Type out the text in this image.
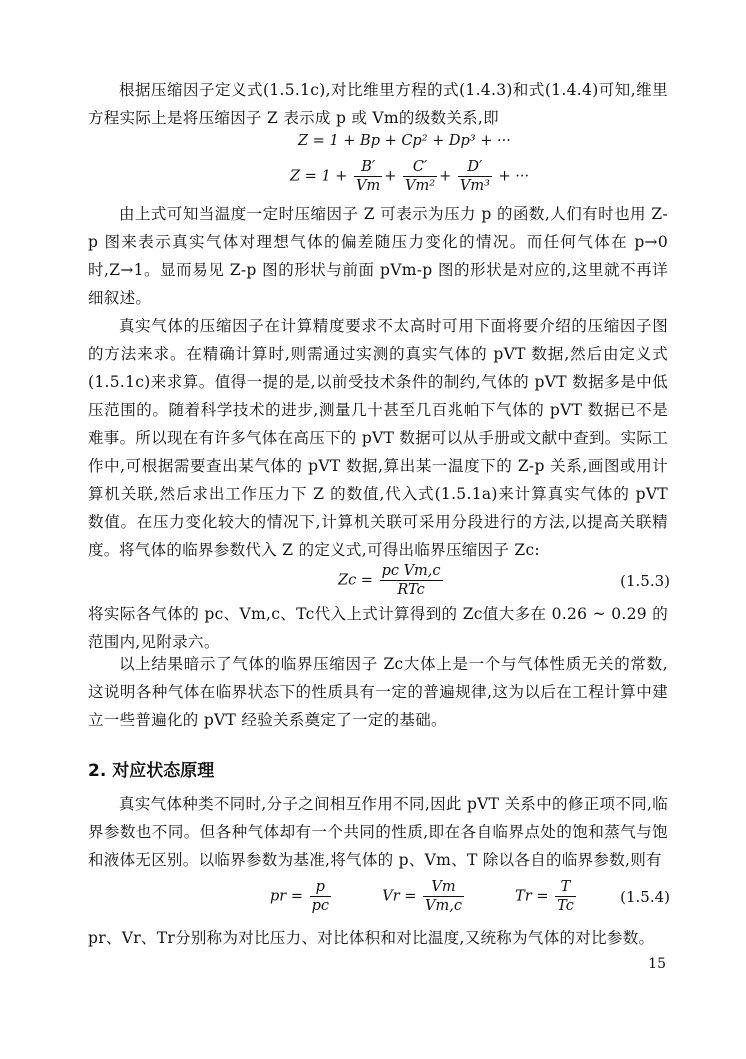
根据压缩因子定义式(1.5.1c),对比维里方程的式(1.4.3)和式(1.4.4)可知,维里方程实际上是将压缩因子 Z 表示成 p 或 Vm的级数关系,即

Z = 1 + Bp + Cp² + Dp³ + ···
$Z = 1 + \frac{B'}{Vm} + \frac{C'}{\text{Vm²}} + \frac{D'}{\text{Vm³}}$ + ···

由上式可知当温度一定时压缩因子 Z 可表示为压力 p 的函数,人们有时也用 Z-p 图来表示真实气体对理想气体的偏差随压力变化的情况。而任何气体在 p→0 时,Z→1。显而易见 Z-p 图的形状与前面 pVm-p 图的形状是对应的,这里就不再详细叙述。

真实气体的压缩因子在计算精度要求不太高时可用下面将要介绍的压缩因子图的方法来求。在精确计算时,则需通过实测的真实气体的 pVT 数据,然后由定义式(1.5.1c)来求算。值得一提的是,以前受技术条件的制约,气体的 pVT 数据多是中低压范围的。随着科学技术的进步,测量几十甚至几百兆帕下气体的 pVT 数据已不是难事。所以现在有许多气体在高压下的 pVT 数据可以从手册或文献中查到。实际工作中,可根据需要查出某气体的 pVT 数据,算出某一温度下的 Z-p 关系,画图或用计算机关联,然后求出工作压力下 Z 的数值,代入式(1.5.1a)来计算真实气体的 pVT 数值。在压力变化较大的情况下,计算机关联可采用分段进行的方法,以提高关联精度。 将气体的临界参数代入 Z 的定义式,可得出临界压缩因子 Zc:

$Zc = \frac{\text{pc Vm,c}}{\text{RTc}}$	(1.5.3)

将实际各气体的 pc、Vm,c、Tc代入上式计算得到的 Zc值大多在 0.26 ~ 0.29 的范围内,见附录六。

以上结果暗示了气体的临界压缩因子 Zc大体上是一个与气体性质无关的常数,这说明各种气体在临界状态下的性质具有一定的普遍规律,这为以后在工程计算中建立一些普遍化的 pVT 经验关系奠定了一定的基础。

2. 对应状态原理

真实气体种类不同时,分子之间相互作用不同,因此 pVT 关系中的修正项不同,临界参数也不同。但各种气体却有一个共同的性质,即在各自临界点处的饱和蒸气与饱和液体无区别。以临界参数为基准,将气体的 p、Vm、T 除以各自的临界参数,则有

pr = $\frac{p}{pc}$	$Vr = \frac{Vm}{Vm,c}$	$Tr = \frac{T}{Tc}$	(1.5.4)

pr、Vr、Tr分别称为对比压力、对比体积和对比温度,又统称为气体的对比参数。

15
